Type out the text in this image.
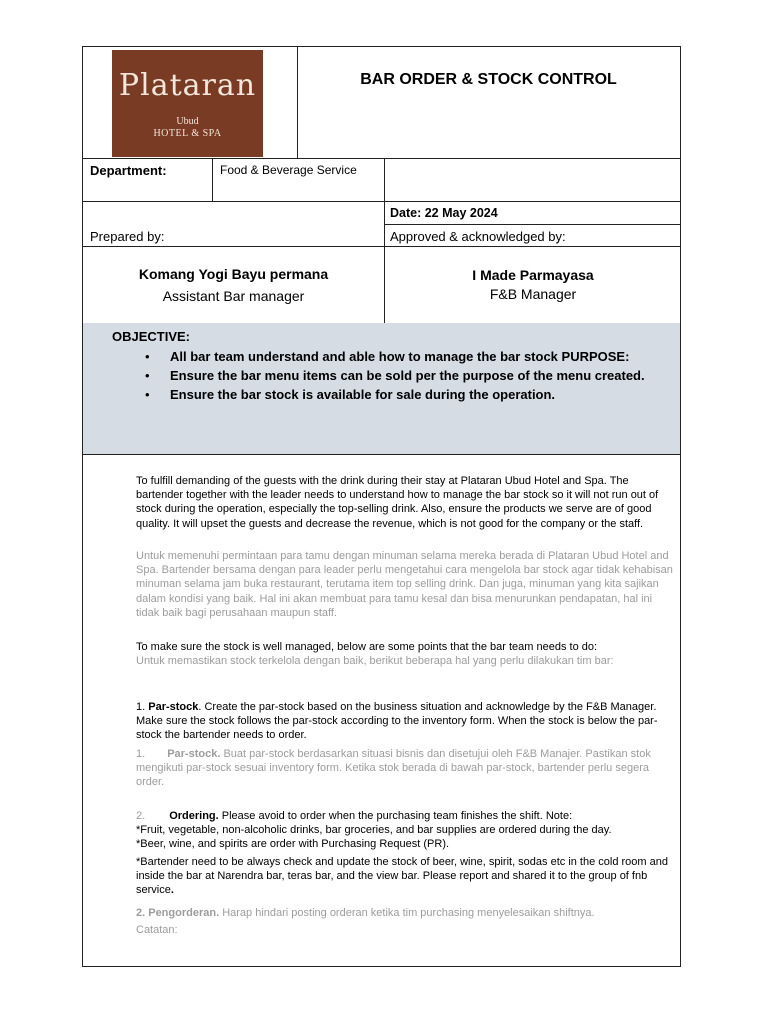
Plataran
Ubud
HOTEL & SPA
BAR ORDER & STOCK CONTROL
Department:	Food & Beverage Service
Date: 22 May 2024
Prepared by:
Komang Yogi Bayu permana
Assistant Bar manager
Approved & acknowledged by:
I Made Parmayasa
F&B Manager
OBJECTIVE:
• All bar team understand and able how to manage the bar stock PURPOSE:
• Ensure the bar menu items can be sold per the purpose of the menu created.
• Ensure the bar stock is available for sale during the operation.
To fulfill demanding of the guests with the drink during their stay at Plataran Ubud Hotel and Spa. The bartender together with the leader needs to understand how to manage the bar stock so it will not run out of stock during the operation, especially the top-selling drink. Also, ensure the products we serve are of good quality. It will upset the guests and decrease the revenue, which is not good for the company or the staff.
Untuk memenuhi permintaan para tamu dengan minuman selama mereka berada di Plataran Ubud Hotel and Spa. Bartender bersama dengan para leader perlu mengetahui cara mengelola bar stock agar tidak kehabisan minuman selama jam buka restaurant, terutama item top selling drink. Dan juga, minuman yang kita sajikan dalam kondisi yang baik. Hal ini akan membuat para tamu kesal dan bisa menurunkan pendapatan, hal ini tidak baik bagi perusahaan maupun staff.
To make sure the stock is well managed, below are some points that the bar team needs to do:
Untuk memastikan stock terkelola dengan baik, berikut beberapa hal yang perlu dilakukan tim bar:
1. Par-stock. Create the par-stock based on the business situation and acknowledge by the F&B Manager. Make sure the stock follows the par-stock according to the inventory form. When the stock is below the par-stock the bartender needs to order.
1. Par-stock. Buat par-stock berdasarkan situasi bisnis dan disetujui oleh F&B Manajer. Pastikan stok mengikuti par-stock sesuai inventory form. Ketika stok berada di bawah par-stock, bartender perlu segera order.
2. Ordering. Please avoid to order when the purchasing team finishes the shift. Note:
*Fruit, vegetable, non-alcoholic drinks, bar groceries, and bar supplies are ordered during the day.
*Beer, wine, and spirits are order with Purchasing Request (PR).
*Bartender need to be always check and update the stock of beer, wine, spirit, sodas etc in the cold room and inside the bar at Narendra bar, teras bar, and the view bar. Please report and shared it to the group of fnb service.
2. Pengorderan. Harap hindari posting orderan ketika tim purchasing menyelesaikan shiftnya.
Catatan:
